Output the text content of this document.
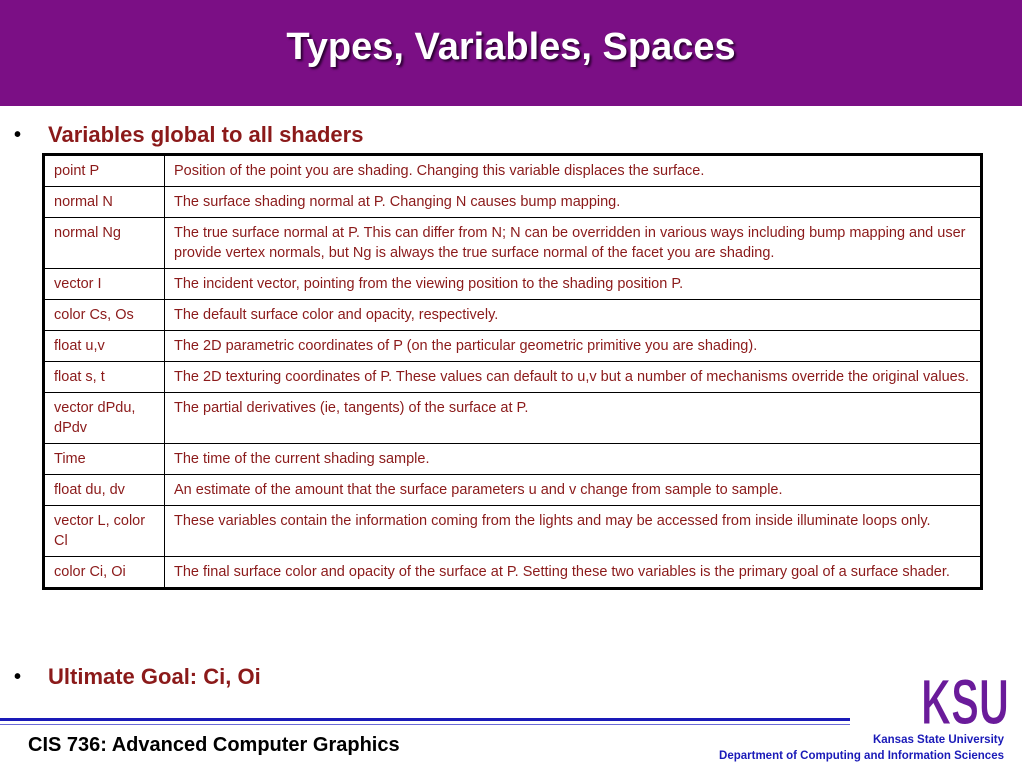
Types, Variables, Spaces
•	Variables global to all shaders
point P	Position of the point you are shading. Changing this variable displaces the surface.
normal N	The surface shading normal at P. Changing N causes bump mapping.
normal Ng	The true surface normal at P. This can differ from N; N can be overridden in various ways including bump mapping and user provide vertex normals, but Ng is always the true surface normal of the facet you are shading.
vector I	The incident vector, pointing from the viewing position to the shading position P.
color Cs, Os	The default surface color and opacity, respectively.
float u,v	The 2D parametric coordinates of P (on the particular geometric primitive you are shading).
float s, t	The 2D texturing coordinates of P. These values can default to u,v but a number of mechanisms override the original values.
vector dPdu, dPdv	The partial derivatives (ie, tangents) of the surface at P.
Time	The time of the current shading sample.
float du, dv	An estimate of the amount that the surface parameters u and v change from sample to sample.
vector L, color Cl	These variables contain the information coming from the lights and may be accessed from inside illuminate loops only.
color Ci, Oi	The final surface color and opacity of the surface at P. Setting these two variables is the primary goal of a surface shader.
•	Ultimate Goal: Ci, Oi
CIS 736: Advanced Computer Graphics
KSU
Kansas State University
Department of Computing and Information Sciences
